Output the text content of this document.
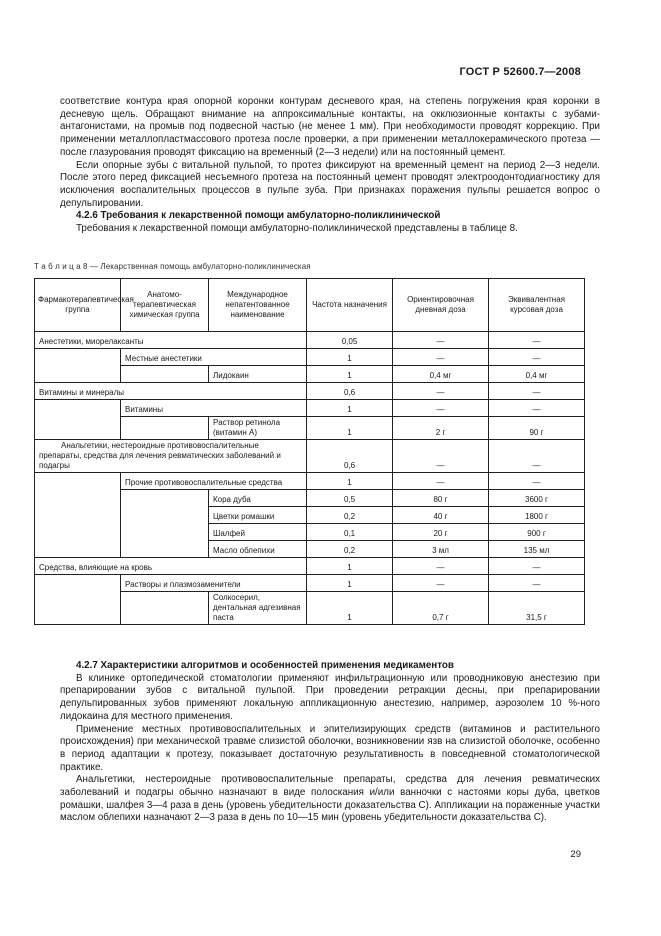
ГОСТ Р 52600.7—2008

соответствие контура края опорной коронки контурам десневого края, на степень погружения края коронки в десневую щель. Обращают внимание на аппроксимальные контакты, на окклюзионные контакты с зубами-антагонистами, на промыв под подвесной частью (не менее 1 мм). При необходимости проводят коррекцию. При применении металлопластмассового протеза после проверки, а при применении металлокерамического протеза — после глазурования проводят фиксацию на временный (2—3 недели) или на постоянный цемент.

Если опорные зубы с витальной пульпой, то протез фиксируют на временный цемент на период 2—3 недели. После этого перед фиксацией несъемного протеза на постоянный цемент проводят электроодонтодиагностику для исключения воспалительных процессов в пульпе зуба. При признаках поражения пульпы решается вопрос о депульпировании.

4.2.6 Требования к лекарственной помощи амбулаторно-поликлинической

Требования к лекарственной помощи амбулаторно-поликлинической представлены в таблице 8.

Т а б л и ц а 8 — Лекарственная помощь амбулаторно-поликлиническая
Фармакотерапевтическая группа	Анатомо-терапевтическая химическая группа	Международное непатентованное наименование	Частота назначения	Ориентировочная дневная доза	Эквивалентная курсовая доза
Анестетики, миорелаксанты			0,05	—	—
	Местные анестетики		1	—	—
		Лидокаин	1	0,4 мг	0,4 мг
Витамины и минералы			0,6	—	—
	Витамины		1	—	—
		Раствор ретинола (витамин А)	1	2 г	90 г
Анальгетики, нестероидные противовоспалительные препараты, средства для лечения ревматических заболеваний и подагры			0,6	—	—
	Прочие противовоспалительные средства		1	—	—
		Кора дуба	0,5	80 г	3600 г
		Цветки ромашки	0,2	40 г	1800 г
		Шалфей	0,1	20 г	900 г
		Масло облепихи	0,2	3 мл	135 мл
Средства, влияющие на кровь			1	—	—
	Растворы и плазмозаменители		1	—	—
		Солкосерил, дентальная адгезивная паста	1	0,7 г	31,5 г

4.2.7 Характеристики алгоритмов и особенностей применения медикаментов

В клинике ортопедической стоматологии применяют инфильтрационную или проводниковую анестезию при препарировании зубов с витальной пульпой. При проведении ретракции десны, при препарировании депульпированных зубов применяют локальную аппликационную анестезию, например, аэрозолем 10 %-ного лидокаина для местного применения.

Применение местных противовоспалительных и эпителизирующих средств (витаминов и растительного происхождения) при механической травме слизистой оболочки, возникновении язв на слизистой оболочке, особенно в период адаптации к протезу, показывает достаточную результативность в повседневной стоматологической практике.

Анальгетики, нестероидные противовоспалительные препараты, средства для лечения ревматических заболеваний и подагры обычно назначают в виде полоскания и/или ванночки с настоями коры дуба, цветков ромашки, шалфея 3—4 раза в день (уровень убедительности доказательства С). Аппликации на пораженные участки маслом облепихи назначают 2—3 раза в день по 10—15 мин (уровень убедительности доказательства С).

29
